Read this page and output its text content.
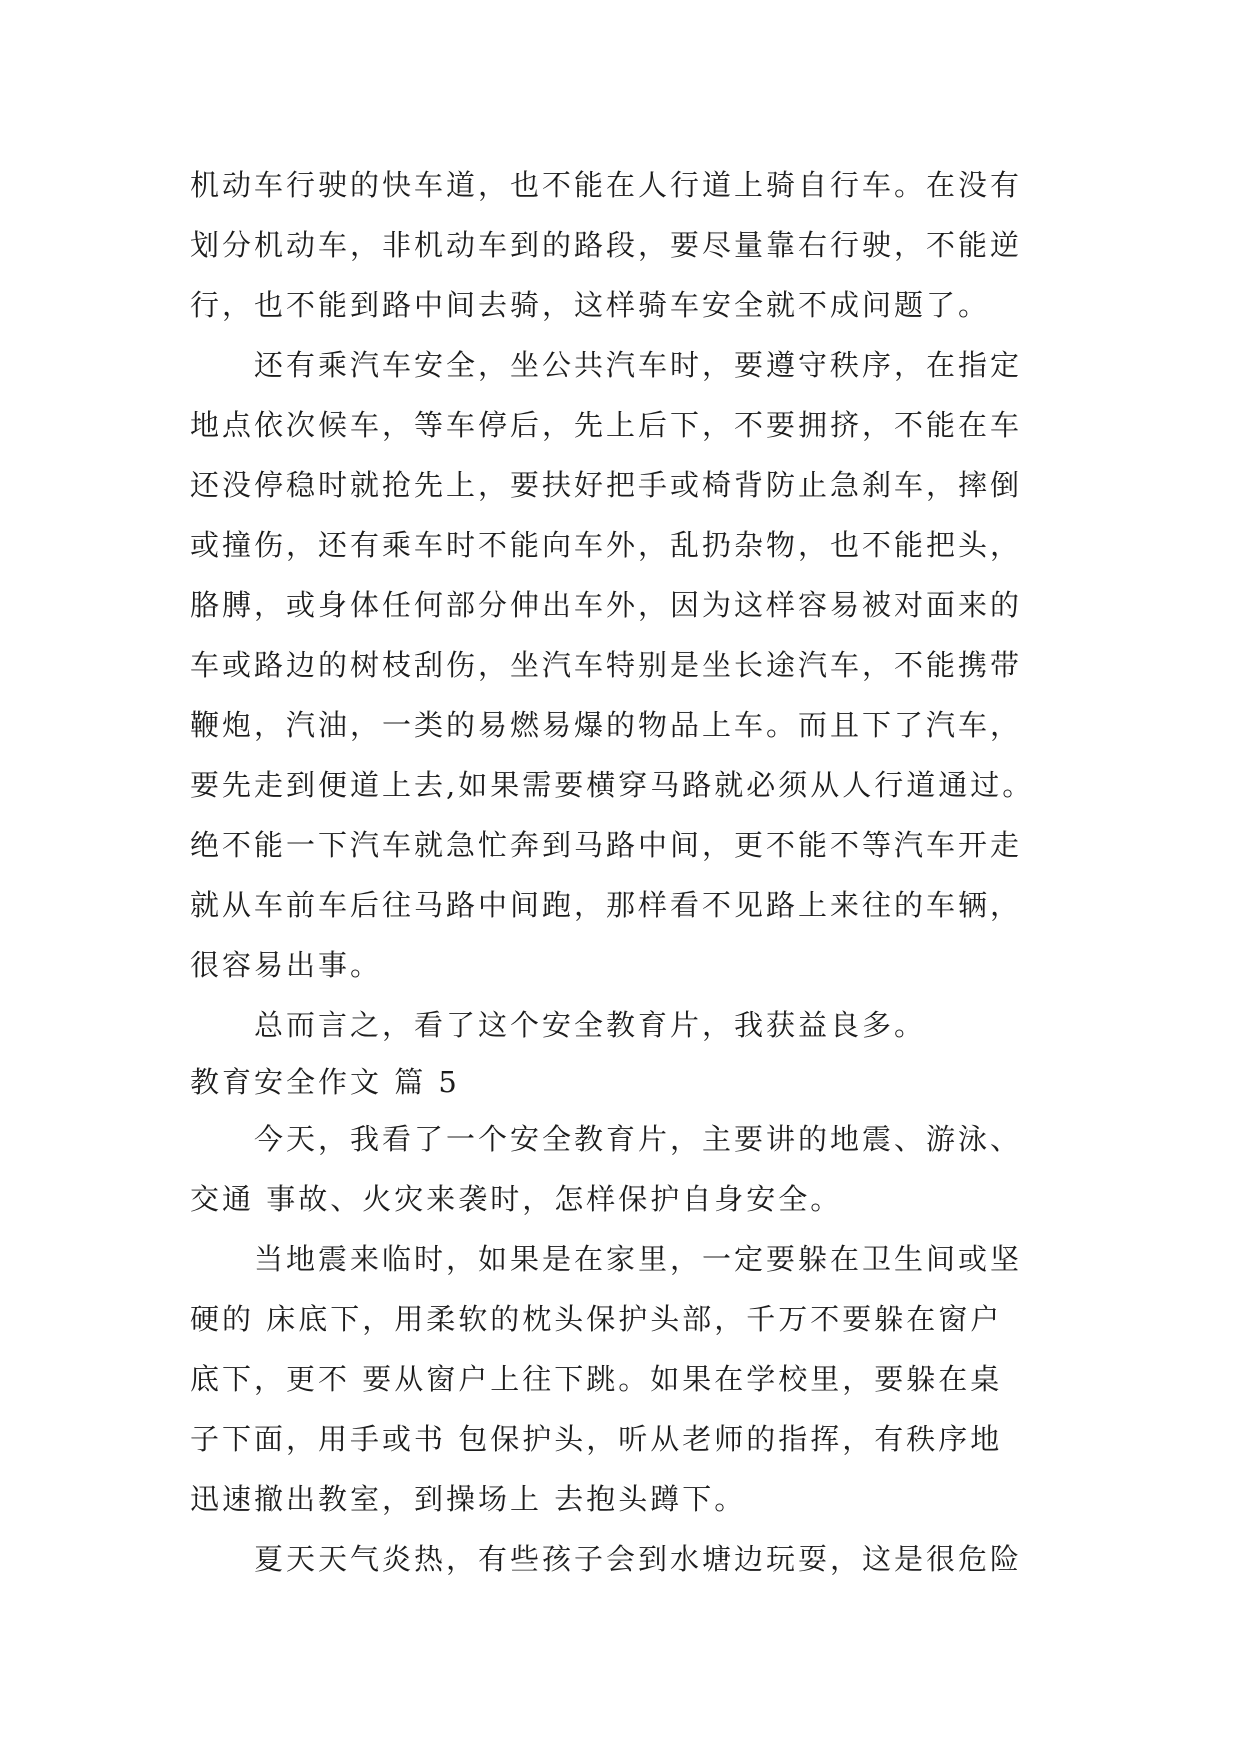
机动车行驶的快车道，也不能在人行道上骑自行车。在没有
划分机动车，非机动车到的路段，要尽量靠右行驶，不能逆
行，也不能到路中间去骑，这样骑车安全就不成问题了。
还有乘汽车安全，坐公共汽车时，要遵守秩序，在指定
地点依次候车，等车停后，先上后下，不要拥挤，不能在车
还没停稳时就抢先上，要扶好把手或椅背防止急刹车，摔倒
或撞伤，还有乘车时不能向车外，乱扔杂物，也不能把头，
胳膊，或身体任何部分伸出车外，因为这样容易被对面来的
车或路边的树枝刮伤，坐汽车特别是坐长途汽车，不能携带
鞭炮，汽油，一类的易燃易爆的物品上车。而且下了汽车，
要先走到便道上去,如果需要横穿马路就必须从人行道通过。
绝不能一下汽车就急忙奔到马路中间，更不能不等汽车开走
就从车前车后往马路中间跑，那样看不见路上来往的车辆，
很容易出事。
总而言之，看了这个安全教育片，我获益良多。
教育安全作文 篇 5
今天，我看了一个安全教育片，主要讲的地震、游泳、
交通 事故、火灾来袭时，怎样保护自身安全。
当地震来临时，如果是在家里，一定要躲在卫生间或坚
硬的 床底下，用柔软的枕头保护头部，千万不要躲在窗户
底下，更不 要从窗户上往下跳。如果在学校里，要躲在桌
子下面，用手或书 包保护头，听从老师的指挥，有秩序地
迅速撤出教室，到操场上 去抱头蹲下。
夏天天气炎热，有些孩子会到水塘边玩耍，这是很危险
